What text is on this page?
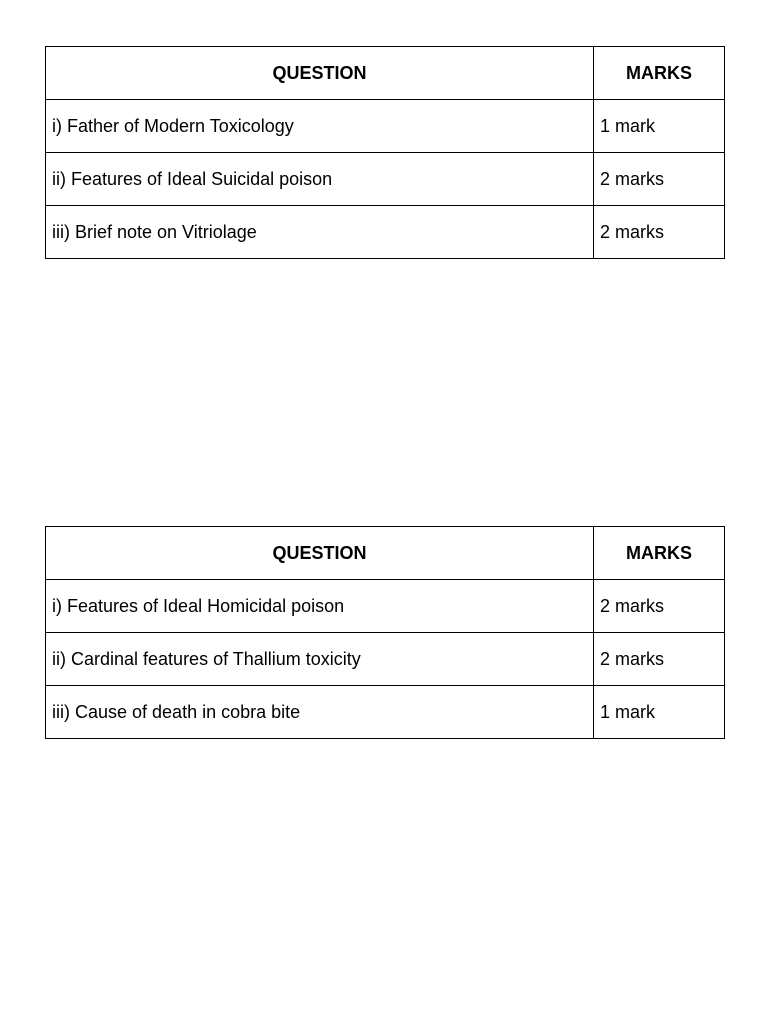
QUESTION	MARKS
i) Father of Modern Toxicology	1 mark
ii) Features of Ideal Suicidal poison	2 marks
iii) Brief note on Vitriolage	2 marks
QUESTION	MARKS
i) Features of Ideal Homicidal poison	2 marks
ii) Cardinal features of Thallium toxicity	2 marks
iii) Cause of death in cobra bite	1 mark
